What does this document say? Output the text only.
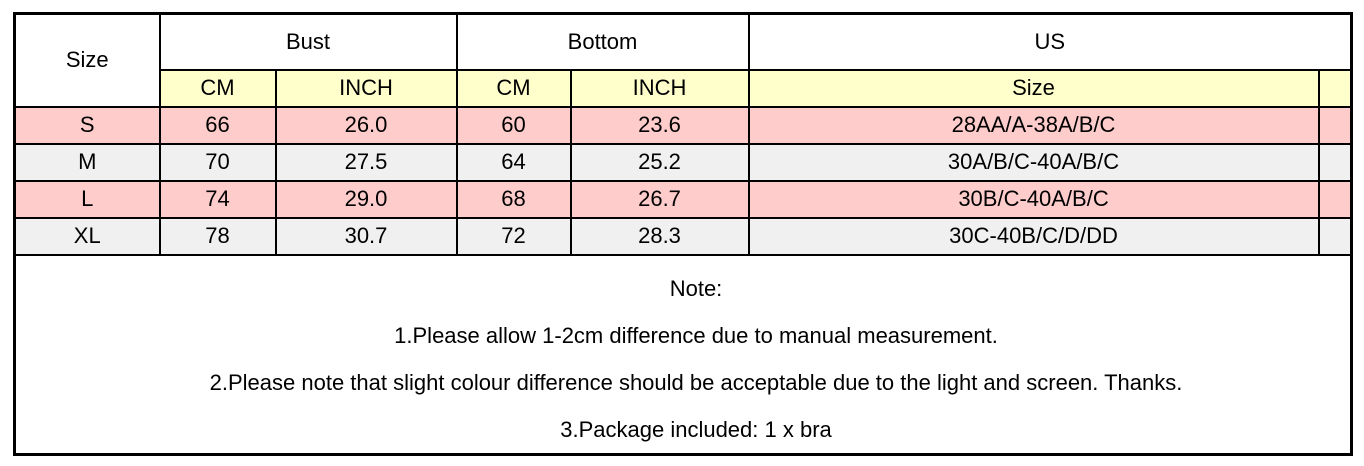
Size	Bust		Bottom		US	
	CM	INCH	CM	INCH	Size	
S	66	26.0	60	23.6	28AA/A-38A/B/C	
M	70	27.5	64	25.2	30A/B/C-40A/B/C	
L	74	29.0	68	26.7	30B/C-40A/B/C	
XL	78	30.7	72	28.3	30C-40B/C/D/DD	

Note:
1.Please allow 1-2cm difference due to manual measurement.
2.Please note that slight colour difference should be acceptable due to the light and screen. Thanks.
3.Package included: 1 x bra						
